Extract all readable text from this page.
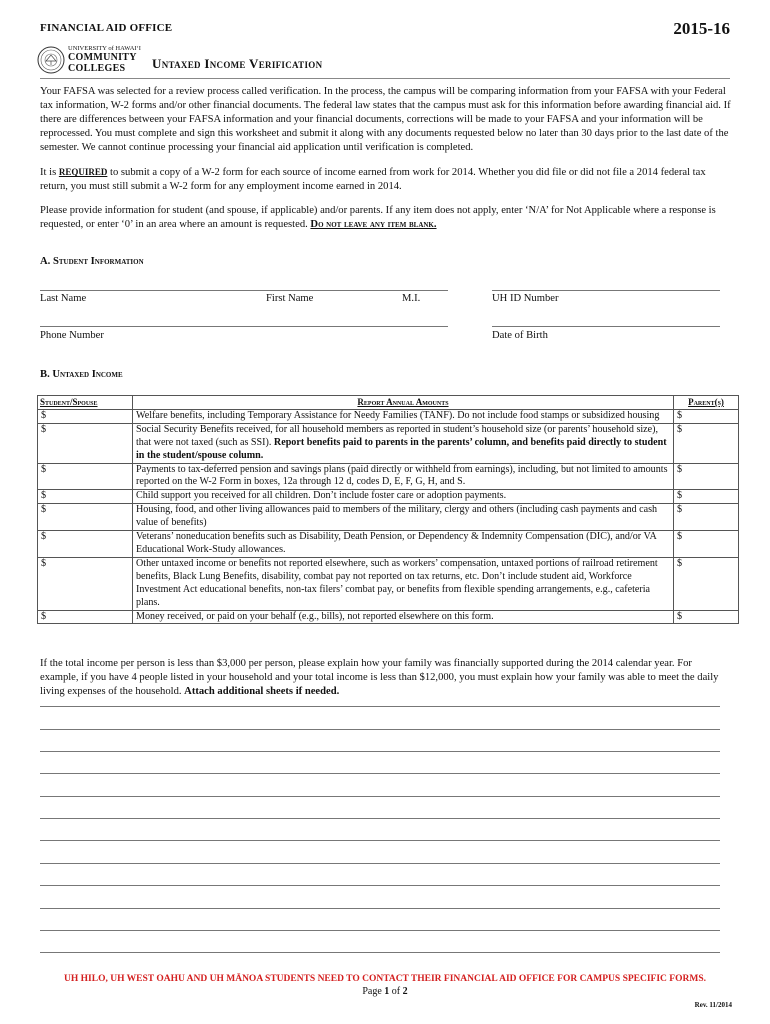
FINANCIAL AID OFFICE	2015-16
UNIVERSITY of HAWAIʻI
COMMUNITY
COLLEGES Untaxed Income Verification

Your FAFSA was selected for a review process called verification. In the process, the campus will be comparing information from your FAFSA with your Federal tax information, W-2 forms and/or other financial documents. The federal law states that the campus must ask for this information before awarding financial aid. If there are differences between your FAFSA information and your financial documents, corrections will be made to your FAFSA and your information will be reprocessed. You must complete and sign this worksheet and submit it along with any documents requested below no later than 30 days prior to the last date of the semester. We cannot continue processing your financial aid application until verification is completed.

It is REQUIRED to submit a copy of a W-2 form for each source of income earned from work for 2014. Whether you did file or did not file a 2014 federal tax return, you must still submit a W-2 form for any employment income earned in 2014.

Please provide information for student (and spouse, if applicable) and/or parents. If any item does not apply, enter ‘N/A’ for Not Applicable where a response is requested, or enter ‘0’ in an area where an amount is requested. Do not leave any item blank.

A. Student Information
Last Name	First Name	M.I.	UH ID Number
Phone Number	Date of Birth
B. Untaxed Income
Student/Spouse	Report Annual Amounts	Parent(s)
$	Welfare benefits, including Temporary Assistance for Needy Families (TANF). Do not include food stamps or subsidized housing	$
$	Social Security Benefits received, for all household members as reported in student’s household size (or parents’ household size), that were not taxed (such as SSI). Report benefits paid to parents in the parents’ column, and benefits paid directly to student in the student/spouse column.	$
$	Payments to tax-deferred pension and savings plans (paid directly or withheld from earnings), including, but not limited to amounts reported on the W-2 Form in boxes, 12a through 12 d, codes D, E, F, G, H, and S.	$
$	Child support you received for all children. Don’t include foster care or adoption payments.	$
$	Housing, food, and other living allowances paid to members of the military, clergy and others (including cash payments and cash value of benefits)	$
$	Veterans’ noneducation benefits such as Disability, Death Pension, or Dependency & Indemnity Compensation (DIC), and/or VA Educational Work-Study allowances.	$
$	Other untaxed income or benefits not reported elsewhere, such as workers’ compensation, untaxed portions of railroad retirement benefits, Black Lung Benefits, disability, combat pay not reported on tax returns, etc. Don’t include student aid, Workforce Investment Act educational benefits, non-tax filers’ combat pay, or benefits from flexible spending arrangements, e.g., cafeteria plans.	$
$	Money received, or paid on your behalf (e.g., bills), not reported elsewhere on this form.	$

If the total income per person is less than $3,000 per person, please explain how your family was financially supported during the 2014 calendar year. For example, if you have 4 people listed in your household and your total income is less than $12,000, you must explain how your family was able to meet the daily living expenses of the household. Attach additional sheets if needed.

UH HILO, UH WEST OAHU AND UH MĀNOA STUDENTS NEED TO CONTACT THEIR FINANCIAL AID OFFICE FOR CAMPUS SPECIFIC FORMS.
Page 1 of 2
Rev. 11/2014
